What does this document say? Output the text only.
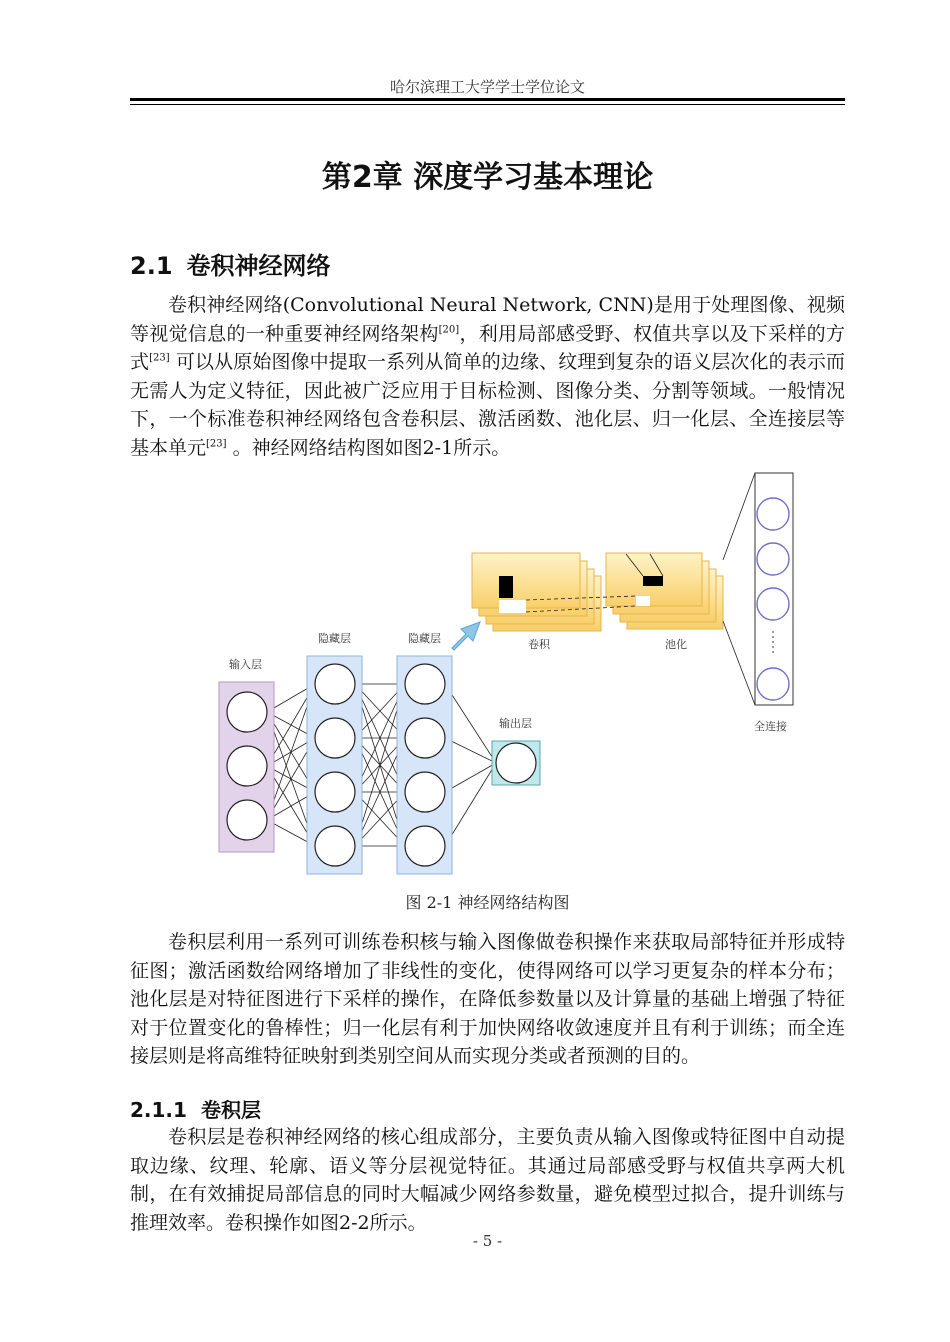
哈尔滨理工大学学士学位论文
第2章 深度学习基本理论
2.1 卷积神经网络

卷积神经网络(Convolutional Neural Network, CNN)是用于处理图像、视频等视觉信息的一种重要神经网络架构[20]，利用局部感受野、权值共享以及下采样的方式[23] 可以从原始图像中提取一系列从简单的边缘、纹理到复杂的语义层次化的表示而无需人为定义特征，因此被广泛应用于目标检测、图像分类、分割等领域。一般情况下，一个标准卷积神经网络包含卷积层、激活函数、池化层、归一化层、全连接层等基本单元[23] 。神经网络结构图如图2-1所示。

输入层
隐藏层	隐藏层
输出层
卷积	池化
全连接
图 2-1 神经网络结构图

卷积层利用一系列可训练卷积核与输入图像做卷积操作来获取局部特征并形成特征图；激活函数给网络增加了非线性的变化，使得网络可以学习更复杂的样本分布；池化层是对特征图进行下采样的操作，在降低参数量以及计算量的基础上增强了特征对于位置变化的鲁棒性；归一化层有利于加快网络收敛速度并且有利于训练；而全连接层则是将高维特征映射到类别空间从而实现分类或者预测的目的。

2.1.1 卷积层

卷积层是卷积神经网络的核心组成部分，主要负责从输入图像或特征图中自动提取边缘、纹理、轮廓、语义等分层视觉特征。其通过局部感受野与权值共享两大机制，在有效捕捉局部信息的同时大幅减少网络参数量，避免模型过拟合，提升训练与推理效率。卷积操作如图2-2所示。

- 5 -
